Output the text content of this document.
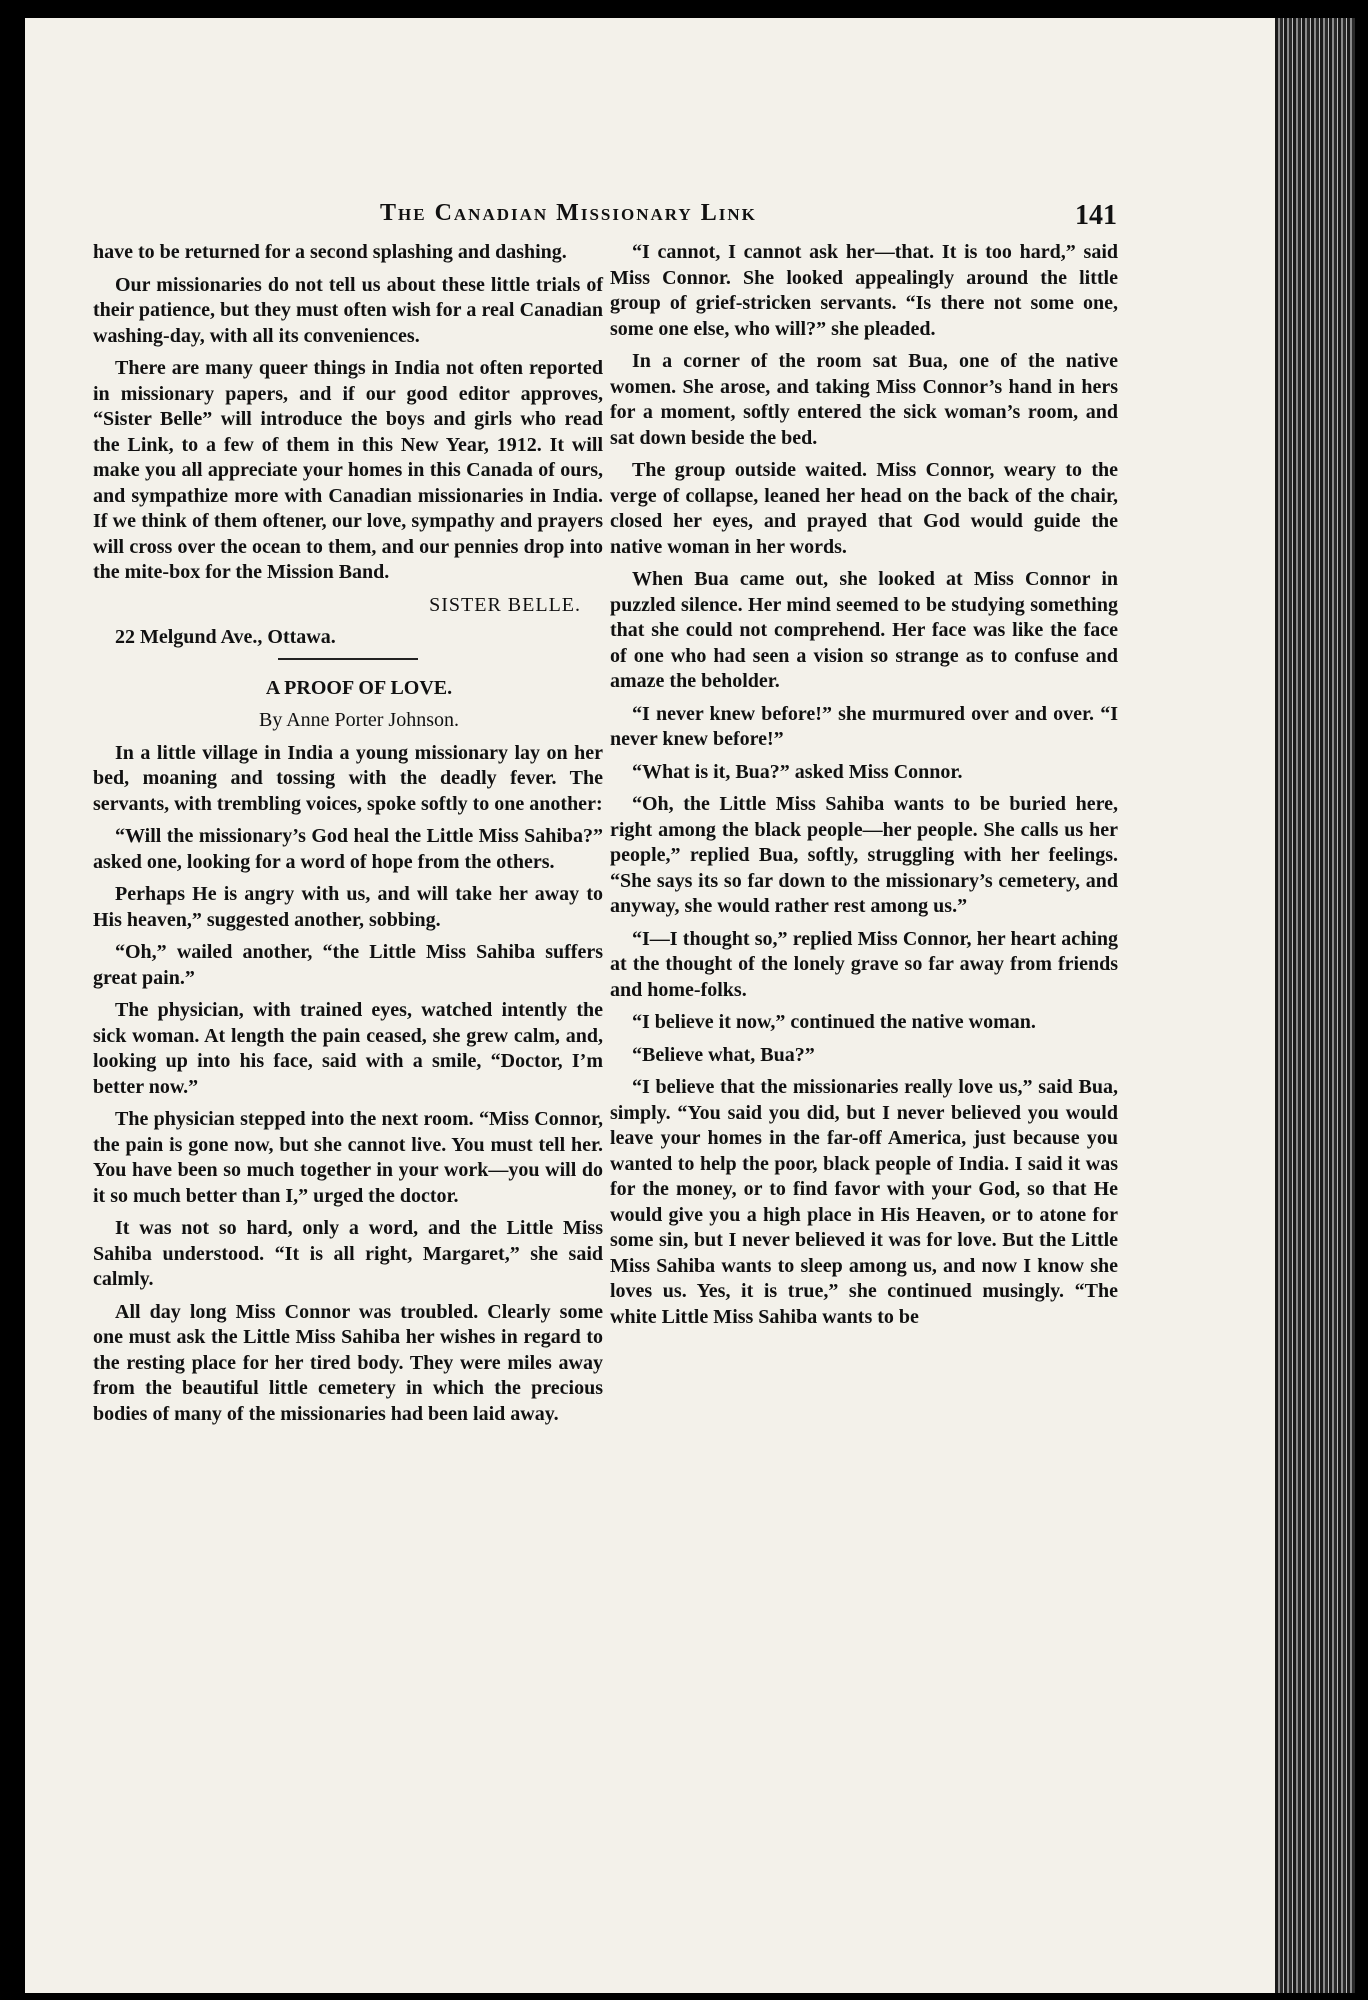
The Canadian Missionary Link	141

have to be returned for a second splashing and dashing.

Our missionaries do not tell us about these little trials of their patience, but they must often wish for a real Canadian washing-day, with all its conveniences.

There are many queer things in India not often reported in missionary papers, and if our good editor approves, “Sister Belle” will introduce the boys and girls who read the Link, to a few of them in this New Year, 1912. It will make you all appreciate your homes in this Canada of ours, and sympathize more with Canadian missionaries in India. If we think of them oftener, our love, sympathy and prayers will cross over the ocean to them, and our pennies drop into the mite-box for the Mission Band.

SISTER BELLE.

22 Melgund Ave., Ottawa.

A PROOF OF LOVE.

By Anne Porter Johnson.

In a little village in India a young missionary lay on her bed, moaning and tossing with the deadly fever. The servants, with trembling voices, spoke softly to one another:

“Will the missionary’s God heal the Little Miss Sahiba?” asked one, looking for a word of hope from the others.

Perhaps He is angry with us, and will take her away to His heaven,” suggested another, sobbing.

“Oh,” wailed another, “the Little Miss Sahiba suffers great pain.”

The physician, with trained eyes, watched intently the sick woman. At length the pain ceased, she grew calm, and, looking up into his face, said with a smile, “Doctor, I’m better now.”

The physician stepped into the next room. “Miss Connor, the pain is gone now, but she cannot live. You must tell her. You have been so much together in your work—you will do it so much better than I,” urged the doctor.

It was not so hard, only a word, and the Little Miss Sahiba understood. “It is all right, Margaret,” she said calmly.

All day long Miss Connor was troubled. Clearly some one must ask the Little Miss Sahiba her wishes in regard to the resting place for her tired body. They were miles away from the beautiful little cemetery in which the precious bodies of many of the missionaries had been laid away.

“I cannot, I cannot ask her—that. It is too hard,” said Miss Connor. She looked appealingly around the little group of grief-stricken servants. “Is there not some one, some one else, who will?” she pleaded.

In a corner of the room sat Bua, one of the native women. She arose, and taking Miss Connor’s hand in hers for a moment, softly entered the sick woman’s room, and sat down beside the bed.

The group outside waited. Miss Connor, weary to the verge of collapse, leaned her head on the back of the chair, closed her eyes, and prayed that God would guide the native woman in her words.

When Bua came out, she looked at Miss Connor in puzzled silence. Her mind seemed to be studying something that she could not comprehend. Her face was like the face of one who had seen a vision so strange as to confuse and amaze the beholder.

“I never knew before!” she murmured over and over. “I never knew before!”

“What is it, Bua?” asked Miss Connor.

“Oh, the Little Miss Sahiba wants to be buried here, right among the black people—her people. She calls us her people,” replied Bua, softly, struggling with her feelings. “She says its so far down to the missionary’s cemetery, and anyway, she would rather rest among us.”

“I—I thought so,” replied Miss Connor, her heart aching at the thought of the lonely grave so far away from friends and home-folks.

“I believe it now,” continued the native woman.

“Believe what, Bua?”

“I believe that the missionaries really love us,” said Bua, simply. “You said you did, but I never believed you would leave your homes in the far-off America, just because you wanted to help the poor, black people of India. I said it was for the money, or to find favor with your God, so that He would give you a high place in His Heaven, or to atone for some sin, but I never believed it was for love. But the Little Miss Sahiba wants to sleep among us, and now I know she loves us. Yes, it is true,” she continued musingly. “The white Little Miss Sahiba wants to be
